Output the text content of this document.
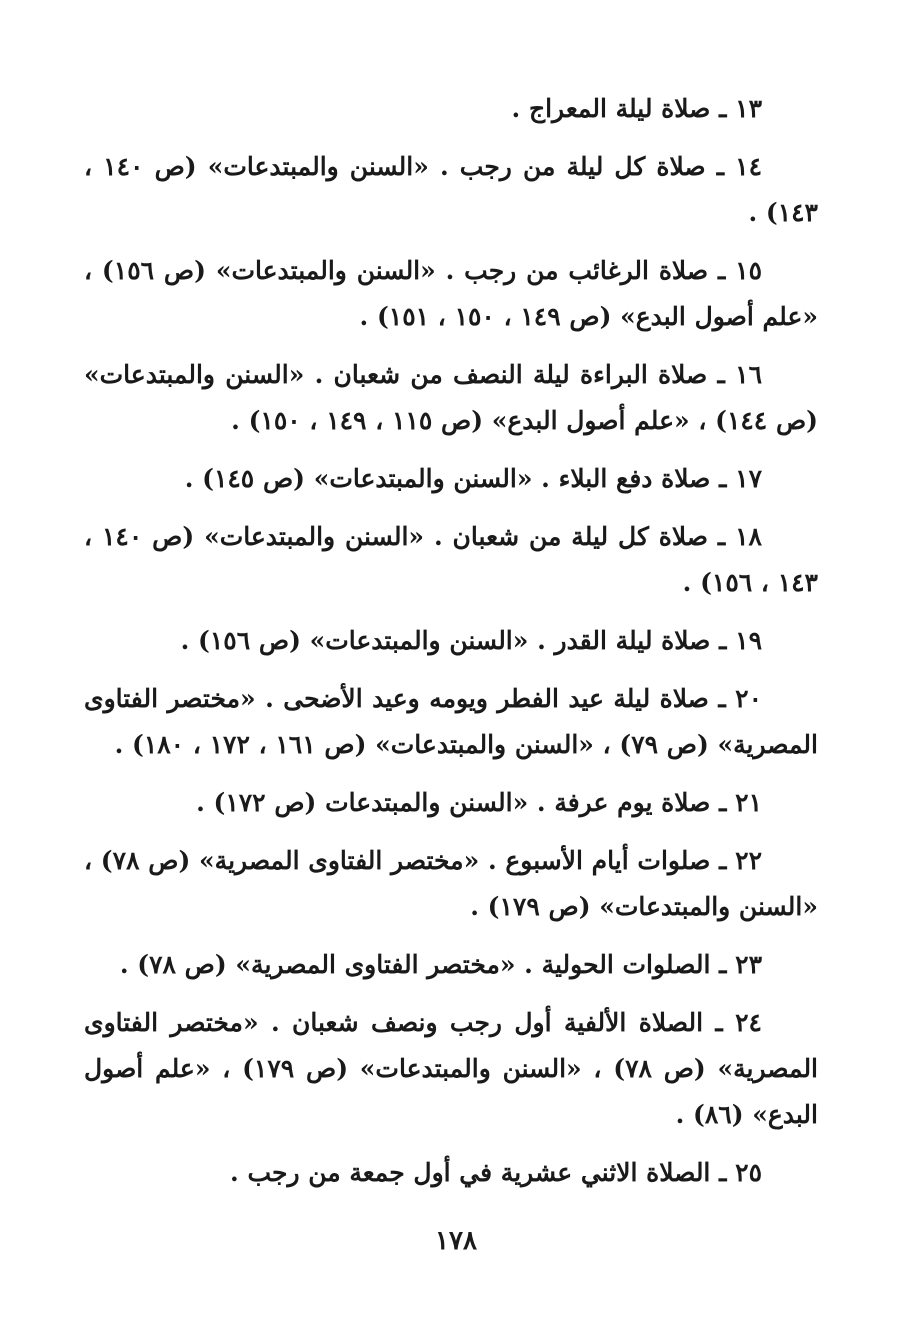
١٣ ـ صلاة ليلة المعراج .

١٤ ـ صلاة كل ليلة من رجب . «السنن والمبتدعات» (ص ١٤٠ ، ١٤٣) .

١٥ ـ صلاة الرغائب من رجب . «السنن والمبتدعات» (ص ١٥٦) ، «علم أصول البدع» (ص ١٤٩ ، ١٥٠ ، ١٥١) .

١٦ ـ صلاة البراءة ليلة النصف من شعبان . «السنن والمبتدعات» (ص ١٤٤) ، «علم أصول البدع» (ص ١١٥ ، ١٤٩ ، ١٥٠) .

١٧ ـ صلاة دفع البلاء . «السنن والمبتدعات» (ص ١٤٥) .

١٨ ـ صلاة كل ليلة من شعبان . «السنن والمبتدعات» (ص ١٤٠ ، ١٤٣ ، ١٥٦) .

١٩ ـ صلاة ليلة القدر . «السنن والمبتدعات» (ص ١٥٦) .

٢٠ ـ صلاة ليلة عيد الفطر ويومه وعيد الأضحى . «مختصر الفتاوى المصرية» (ص ٧٩) ، «السنن والمبتدعات» (ص ١٦١ ، ١٧٢ ، ١٨٠) .

٢١ ـ صلاة يوم عرفة . «السنن والمبتدعات (ص ١٧٢) .

٢٢ ـ صلوات أيام الأسبوع . «مختصر الفتاوى المصرية» (ص ٧٨) ، «السنن والمبتدعات» (ص ١٧٩) .

٢٣ ـ الصلوات الحولية . «مختصر الفتاوى المصرية» (ص ٧٨) .

٢٤ ـ الصلاة الألفية أول رجب ونصف شعبان . «مختصر الفتاوى المصرية» (ص ٧٨) ، «السنن والمبتدعات» (ص ١٧٩) ، «علم أصول البدع» (٨٦) .

٢٥ ـ الصلاة الاثني عشرية في أول جمعة من رجب .

١٧٨
